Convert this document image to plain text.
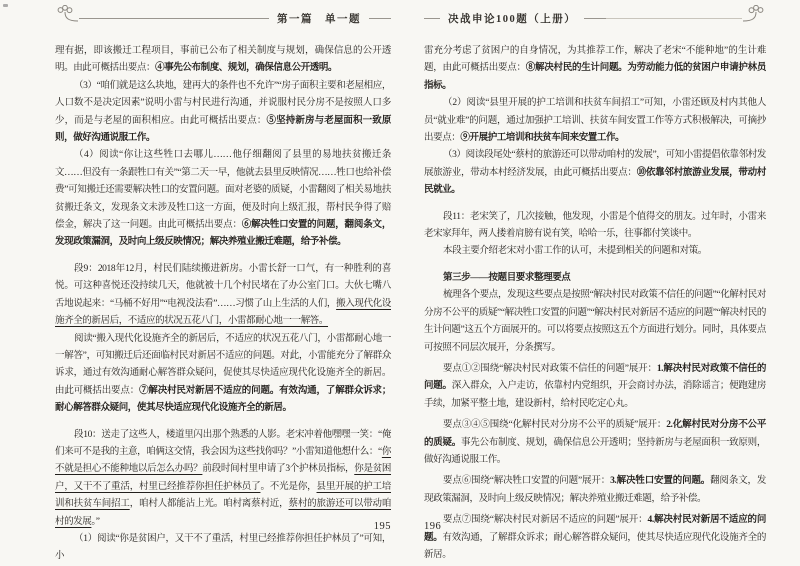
第一篇　单一题
理有据，即该搬迁工程项目，事前已公布了相关制度与规划，确保信息的公开透明。由此可概括出要点：④事先公布制度、规划，确保信息公开透明。
（3）“咱们就是这么块地，建再大的条件也不允许”“房子面积主要和老屋相应，人口数不是决定因素”说明小雷与村民进行沟通，并说服村民分房不是按照人口多少，而是与老屋的面积相应。由此可概括出要点：⑤坚持新房与老屋面积一致原则，做好沟通说服工作。
（4）阅读“你让这些牲口去哪儿……他仔细翻阅了县里的易地扶贫搬迁条文……但没有一条跟牲口有关”“第二天一早，他就去县里反映情况……牲口也给补偿费”可知搬迁还需要解决牲口的安置问题。面对老婆的质疑，小雷翻阅了相关易地扶贫搬迁条文，发现条文未涉及牲口这一方面，便及时向上级汇报，帮村民争得了赔偿金，解决了这一问题。由此可概括出要点：⑥解决牲口安置的问题，翻阅条文，发现政策漏洞，及时向上级反映情况；解决养殖业搬迁难题，给予补偿。
段9：2018年12月，村民们陆续搬进新房。小雷长舒一口气，有一种胜利的喜悦。可这种喜悦还没持续几天，他就被十几个村民堵在了办公室门口。大伙七嘴八舌地说起来：“马桶不好用”“电视没法看”……习惯了山上生活的人们，搬入现代化设施齐全的新居后，不适应的状况五花八门，小雷都耐心地一一解答。
阅读“搬入现代化设施齐全的新居后，不适应的状况五花八门，小雷都耐心地一一解答”，可知搬迁后还面临村民对新居不适应的问题。对此，小雷能充分了解群众诉求，通过有效沟通耐心解答群众疑问，促使其尽快适应现代化设施齐全的新居。由此可概括出要点：⑦解决村民对新居不适应的问题。有效沟通，了解群众诉求；耐心解答群众疑问，使其尽快适应现代化设施齐全的新居。
段10：送走了这些人，楼道里闪出那个熟悉的人影。老宋冲着他嘿嘿一笑：“俺们来可不是我的主意，咱俩这交情，我会因为这些找你吗？”小雷知道他想什么：“你不就是担心不能种地以后怎么办吗？前段时间村里申请了3个护林员指标，你是贫困户，又干不了重活，村里已经推荐你担任护林员了。不光是你，县里开展的护工培训和扶贫车间招工，咱村人都能沾上光。咱村离蔡村近，蔡村的旅游还可以带动咱村的发展。”
（1）阅读“你是贫困户，又干不了重活，村里已经推荐你担任护林员了”可知，小
决战申论100题（上册）
雷充分考虑了贫困户的自身情况，为其推荐工作，解决了老宋“不能种地”的生计难题，由此可概括出要点：⑧解决村民的生计问题。为劳动能力低的贫困户申请护林员指标。
（2）阅读“县里开展的护工培训和扶贫车间招工”可知，小雷还顾及村内其他人员“就业难”的问题，通过加强护工培训、扶贫车间安置工作等方式积极解决，可摘抄出要点：⑨开展护工培训和扶贫车间来安置工作。
（3）阅读段尾处“蔡村的旅游还可以带动咱村的发展”，可知小雷提倡依靠邻村发展旅游业，带动本村经济发展，由此可概括出要点：⑩依靠邻村旅游业发展，带动村民就业。
段11：老宋笑了，几次接触，他发现，小雷是个值得交的朋友。过年时，小雷来老宋家拜年，两人搂着肩膀有说有笑，哈哈一乐，往事都付笑谈中。
本段主要介绍老宋对小雷工作的认可，未提到相关的问题和对策。
第三步——按题目要求整理要点
梳理各个要点，发现这些要点是按照“解决村民对政策不信任的问题”“化解村民对分房不公平的质疑”“解决牲口安置的问题”“解决村民对新居不适应的问题”“解决村民的生计问题”这五个方面展开的。可以将要点按照这五个方面进行划分。同时，具体要点可按照不同层次展开，分条撰写。
要点①②围绕“解决村民对政策不信任的问题”展开：1.解决村民对政策不信任的问题。深入群众，入户走访，依靠村内党组织，开会商讨办法，消除谣言；便跑建房手续，加紧平整土地，建设新村，给村民吃定心丸。
要点③④⑤围绕“化解村民对分房不公平的质疑”展开：2.化解村民对分房不公平的质疑。事先公布制度、规划，确保信息公开透明；坚持新房与老屋面积一致原则，做好沟通说服工作。
要点⑥围绕“解决牲口安置的问题”展开：3.解决牲口安置的问题。翻阅条文，发现政策漏洞，及时向上级反映情况；解决养殖业搬迁难题，给予补偿。
要点⑦围绕“解决村民对新居不适应的问题”展开：4.解决村民对新居不适应的问题。有效沟通，了解群众诉求；耐心解答群众疑问，使其尽快适应现代化设施齐全的新居。
195	196
